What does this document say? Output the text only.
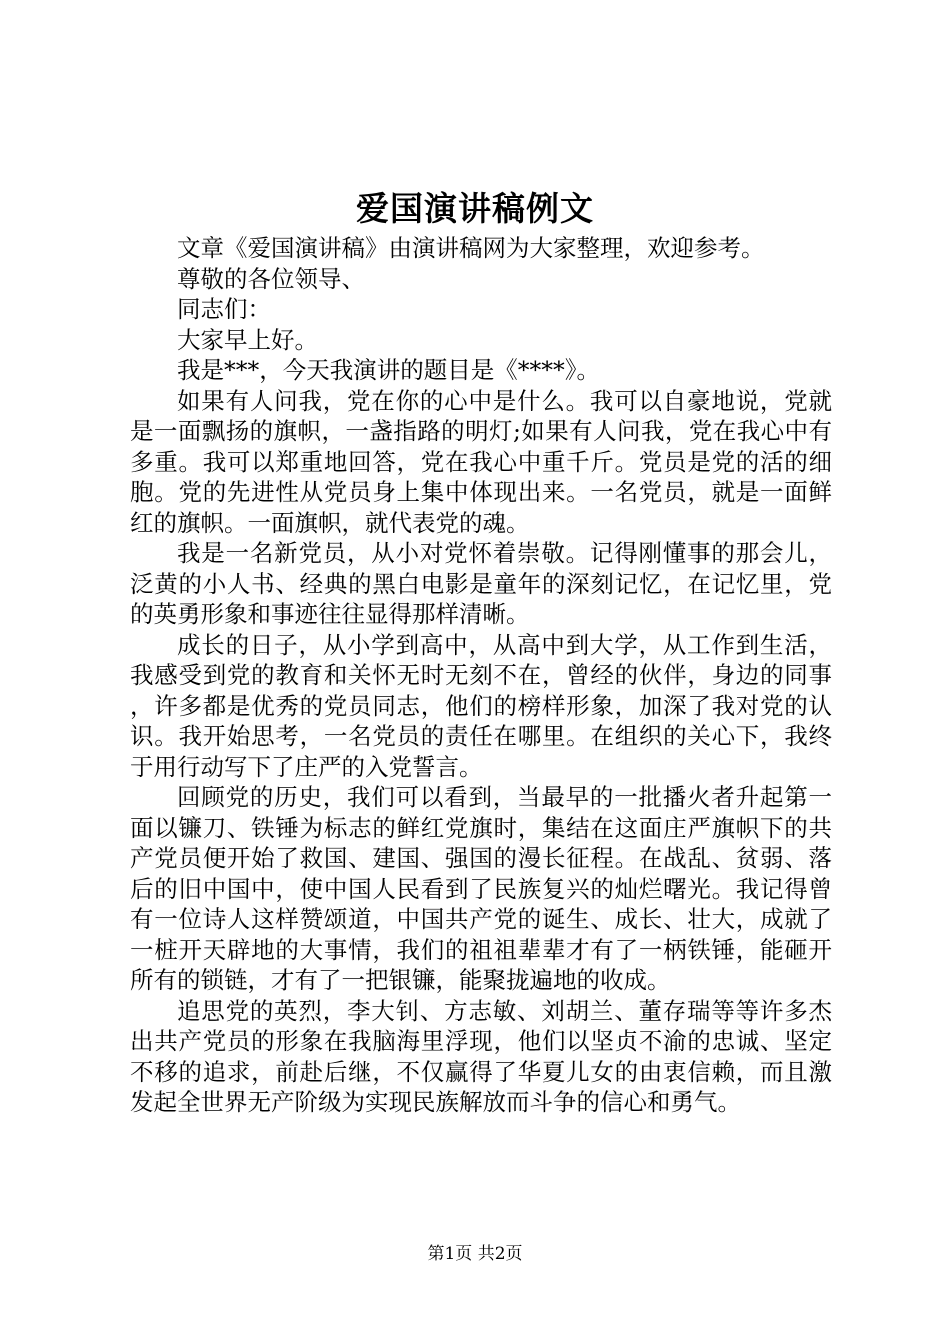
爱国演讲稿例文

文章《爱国演讲稿》由演讲稿网为大家整理，欢迎参考。

尊敬的各位领导、

同志们：

大家早上好。

我是***，今天我演讲的题目是《****》。

如果有人问我，党在你的心中是什么。我可以自豪地说，党就是一面飘扬的旗帜，一盏指路的明灯;如果有人问我，党在我心中有多重。我可以郑重地回答，党在我心中重千斤。党员是党的活的细胞。党的先进性从党员身上集中体现出来。一名党员，就是一面鲜红的旗帜。一面旗帜，就代表党的魂。

我是一名新党员，从小对党怀着崇敬。记得刚懂事的那会儿，泛黄的小人书、经典的黑白电影是童年的深刻记忆，在记忆里，党的英勇形象和事迹往往显得那样清晰。

成长的日子，从小学到高中，从高中到大学，从工作到生活，我感受到党的教育和关怀无时无刻不在，曾经的伙伴，身边的同事，许多都是优秀的党员同志，他们的榜样形象，加深了我对党的认识。我开始思考，一名党员的责任在哪里。在组织的关心下，我终于用行动写下了庄严的入党誓言。

回顾党的历史，我们可以看到，当最早的一批播火者升起第一面以镰刀、铁锤为标志的鲜红党旗时，集结在这面庄严旗帜下的共产党员便开始了救国、建国、强国的漫长征程。在战乱、贫弱、落后的旧中国中，使中国人民看到了民族复兴的灿烂曙光。我记得曾有一位诗人这样赞颂道，中国共产党的诞生、成长、壮大，成就了一桩开天辟地的大事情，我们的祖祖辈辈才有了一柄铁锤，能砸开所有的锁链，才有了一把银镰，能聚拢遍地的收成。

追思党的英烈，李大钊、方志敏、刘胡兰、董存瑞等等许多杰出共产党员的形象在我脑海里浮现，他们以坚贞不渝的忠诚、坚定不移的追求，前赴后继，不仅赢得了华夏儿女的由衷信赖，而且激发起全世界无产阶级为实现民族解放而斗争的信心和勇气。

第1页 共2页
